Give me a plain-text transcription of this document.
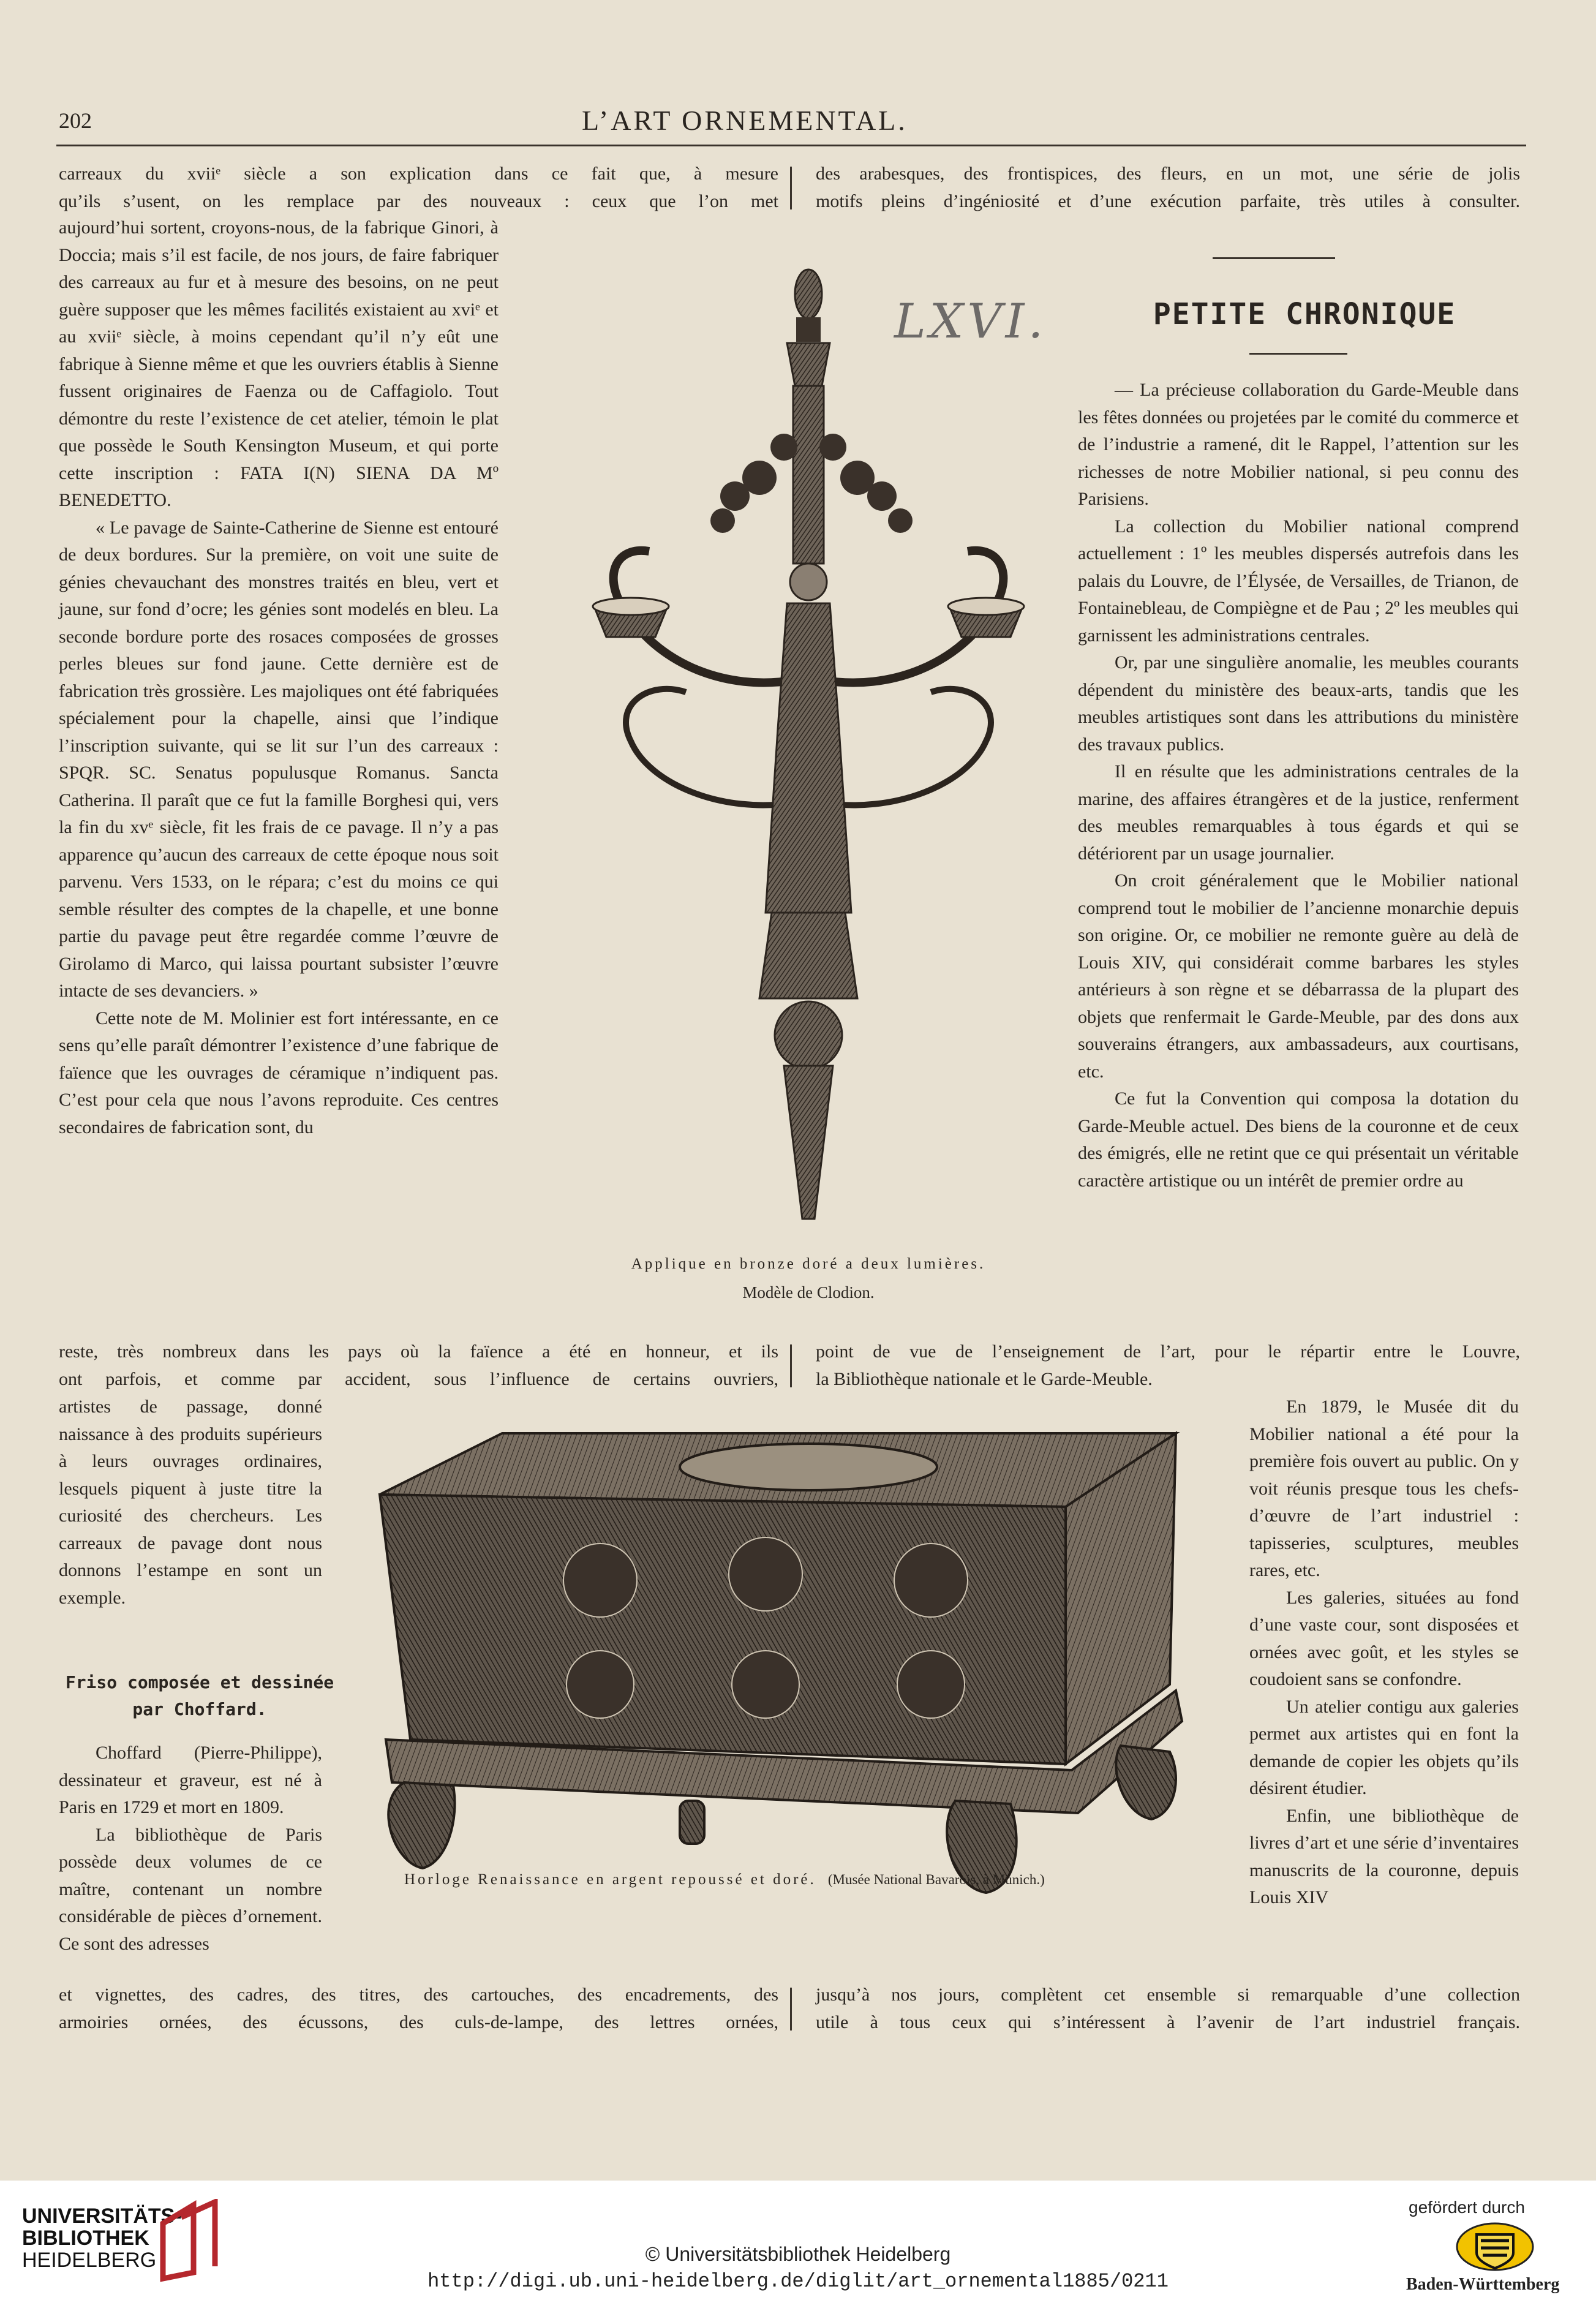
202	L’ART ORNEMENTAL.

carreaux du xviiᵉ siècle a son explication dans ce fait que, à mesure

qu’ils s’usent, on les remplace par des nouveaux : ceux que l’on met

des arabesques, des frontispices, des fleurs, en un mot, une série de jolis

motifs pleins d’ingéniosité et d’une exécution parfaite, très utiles à consulter.

aujourd’hui sortent, croyons-nous, de la fabrique Ginori, à Doccia; mais s’il est facile, de nos jours, de faire fabriquer des carreaux au fur et à mesure des besoins, on ne peut guère supposer que les mêmes facilités existaient au xviᵉ et au xviiᵉ siècle, à moins cependant qu’il n’y eût une fabrique à Sienne même et que les ouvriers établis à Sienne fussent originaires de Faenza ou de Caffagiolo. Tout démontre du reste l’existence de cet atelier, témoin le plat que possède le South Kensington Museum, et qui porte cette inscription : FATA I(N) SIENA DA Mº BENEDETTO.

« Le pavage de Sainte-Catherine de Sienne est entouré de deux bordures. Sur la première, on voit une suite de génies chevauchant des monstres traités en bleu, vert et jaune, sur fond d’ocre; les génies sont modelés en bleu. La seconde bordure porte des rosaces composées de grosses perles bleues sur fond jaune. Cette dernière est de fabrication très grossière. Les majoliques ont été fabriquées spécialement pour la chapelle, ainsi que l’indique l’inscription suivante, qui se lit sur l’un des carreaux : SPQR. SC. Senatus populusque Romanus. Sancta Catherina. Il paraît que ce fut la famille Borghesi qui, vers la fin du xvᵉ siècle, fit les frais de ce pavage. Il n’y a pas apparence qu’aucun des carreaux de cette époque nous soit parvenu. Vers 1533, on le répara; c’est du moins ce qui semble résulter des comptes de la chapelle, et une bonne partie du pavage peut être regardée comme l’œuvre de Girolamo di Marco, qui laissa pourtant subsister l’œuvre intacte de ses devanciers. »

Cette note de M. Molinier est fort intéressante, en ce sens qu’elle paraît démontrer l’existence d’une fabrique de faïence que les ouvrages de céramique n’indiquent pas. C’est pour cela que nous l’avons reproduite. Ces centres secondaires de fabrication sont, du

LXVI.
Applique en bronze doré a deux lumières.
Modèle de Clodion.
PETITE CHRONIQUE

— La précieuse collaboration du Garde-Meuble dans les fêtes données ou projetées par le comité du commerce et de l’industrie a ramené, dit le Rappel, l’attention sur les richesses de notre Mobilier national, si peu connu des Parisiens.

La collection du Mobilier national comprend actuellement : 1º les meubles dispersés autrefois dans les palais du Louvre, de l’Élysée, de Versailles, de Trianon, de Fontainebleau, de Compiègne et de Pau ; 2º les meubles qui garnissent les administrations centrales.

Or, par une singulière anomalie, les meubles courants dépendent du ministère des beaux-arts, tandis que les meubles artistiques sont dans les attributions du ministère des travaux publics.

Il en résulte que les administrations centrales de la marine, des affaires étrangères et de la justice, renferment des meubles remarquables à tous égards et qui se détériorent par un usage journalier.

On croit généralement que le Mobilier national comprend tout le mobilier de l’ancienne monarchie depuis son origine. Or, ce mobilier ne remonte guère au delà de Louis XIV, qui considérait comme barbares les styles antérieurs à son règne et se débarrassa de la plupart des objets que renfermait le Garde-Meuble, par des dons aux souverains étrangers, aux ambassadeurs, aux courtisans, etc.

Ce fut la Convention qui composa la dotation du Garde-Meuble actuel. Des biens de la couronne et de ceux des émigrés, elle ne retint que ce qui présentait un véritable caractère artistique ou un intérêt de premier ordre au

reste, très nombreux dans les pays où la faïence a été en honneur, et ils

ont parfois, et comme par accident, sous l’influence de certains ouvriers,

point de vue de l’enseignement de l’art, pour le répartir entre le Louvre,

la Bibliothèque nationale et le Garde-Meuble.

artistes de passage, donné naissance à des produits supérieurs à leurs ouvrages ordinaires, lesquels piquent à juste titre la curiosité des chercheurs. Les carreaux de pavage dont nous donnons l’estampe en sont un exemple.

Friso composée et dessinée
par Choffard.

Choffard (Pierre-Philippe), dessinateur et graveur, est né à Paris en 1729 et mort en 1809.

La bibliothèque de Paris possède deux volumes de ce maître, contenant un nombre considérable de pièces d’ornement. Ce sont des adresses

Horloge Renaissance en argent repoussé et doré. (Musée National Bavarois, à Munich.)

En 1879, le Musée dit du Mobilier national a été pour la première fois ouvert au public. On y voit réunis presque tous les chefs-d’œuvre de l’art industriel : tapisseries, sculptures, meubles rares, etc.

Les galeries, situées au fond d’une vaste cour, sont disposées et ornées avec goût, et les styles se coudoient sans se confondre.

Un atelier contigu aux galeries permet aux artistes qui en font la demande de copier les objets qu’ils désirent étudier.

Enfin, une bibliothèque de livres d’art et une série d’inventaires manuscrits de la couronne, depuis Louis XIV

et vignettes, des cadres, des titres, des cartouches, des encadrements, des

armoiries ornées, des écussons, des culs-de-lampe, des lettres ornées,

jusqu’à nos jours, complètent cet ensemble si remarquable d’une collection

utile à tous ceux qui s’intéressent à l’avenir de l’art industriel français.

UNIVERSITÄTS-
BIBLIOTHEK
HEIDELBERG	© Universitätsbibliothek Heidelberg
http://digi.ub.uni-heidelberg.de/diglit/art_ornemental1885/0211
gefördert durch
Baden-Württemberg
